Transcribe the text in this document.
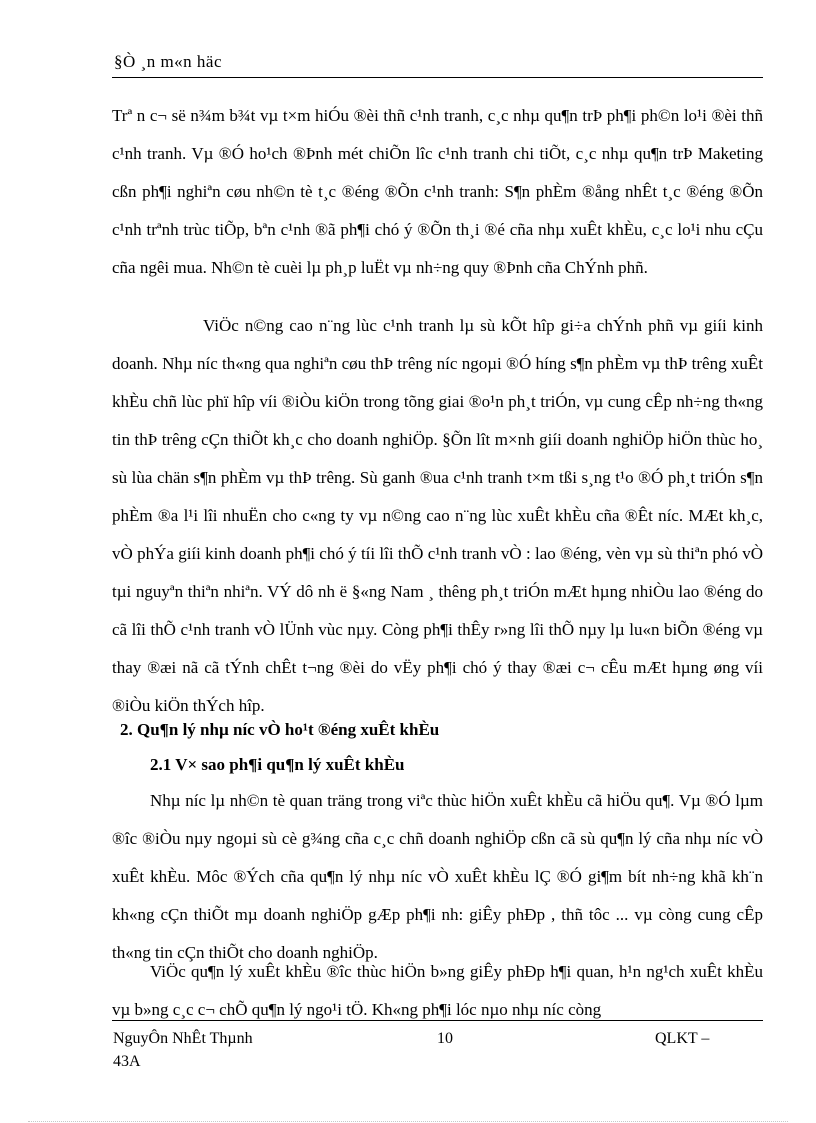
§Ò ¸n m«n häc

Trª n c¬ së n¾m b¾t vµ t×m hiÓu ®èi thñ c¹nh tranh, c¸c nhµ qu¶n trÞ ph¶i ph©n lo¹i ®èi thñ c¹nh tranh. Vµ ®Ó ho¹ch ®Þnh mét chiÕn lîc c¹nh tranh chi tiÕt, c¸c nhµ qu¶n trÞ Maketing cßn ph¶i nghiªn cøu nh©n tè t¸c ®éng ®Õn c¹nh tranh: S¶n phÈm ®ång nhÊt t¸c ®éng ®Õn c¹nh trªnh trùc tiÕp, bªn c¹nh ®ã ph¶i chó ý ®Õn th¸i ®é cña nhµ xuÊt khÈu, c¸c lo¹i nhu cÇu cña ngêi mua. Nh©n tè cuèi lµ ph¸p luËt vµ nh÷ng quy ®Þnh cña ChÝnh phñ.

ViÖc n©ng cao n¨ng lùc c¹nh tranh lµ sù kÕt hîp gi÷a chÝnh phñ vµ giíi kinh doanh. Nhµ níc th«ng qua nghiªn cøu thÞ trêng níc ngoµi ®Ó híng s¶n phÈm vµ thÞ trêng xuÊt khÈu chñ lùc phï hîp víi ®iÒu kiÖn trong tõng giai ®o¹n ph¸t triÓn, vµ cung cÊp nh÷ng th«ng tin thÞ trêng cÇn thiÕt kh¸c cho doanh nghiÖp. §Õn lît m×nh giíi doanh nghiÖp hiÖn thùc ho¸ sù lùa chän s¶n phÈm vµ thÞ trêng. Sù ganh ®ua c¹nh tranh t×m tßi s¸ng t¹o ®Ó ph¸t triÓn s¶n phÈm ®a l¹i lîi nhuËn cho c«ng ty vµ n©ng cao n¨ng lùc xuÊt khÈu cña ®Êt níc. MÆt kh¸c, vÒ phÝa giíi kinh doanh ph¶i chó ý tíi lîi thÕ c¹nh tranh vÒ : lao ®éng, vèn vµ sù thiªn phó vÒ tµi nguyªn thiªn nhiªn. VÝ dô nh ë §«ng Nam ¸ thêng ph¸t triÓn mÆt hµng nhiÒu lao ®éng do cã lîi thÕ c¹nh tranh vÒ lÜnh vùc nµy. Còng ph¶i thÊy r»ng lîi thÕ nµy lµ lu«n biÕn ®éng vµ thay ®æi nã cã tÝnh chÊt t¬ng ®èi do vËy ph¶i chó ý thay ®æi c¬ cÊu mÆt hµng øng víi ®iÒu kiÖn thÝch hîp.

2. Qu¶n lý nhµ níc vÒ ho¹t ®éng xuÊt khÈu
2.1 V× sao ph¶i qu¶n lý xuÊt khÈu

Nhµ níc lµ nh©n tè quan träng trong viªc thùc hiÖn xuÊt khÈu cã hiÖu qu¶. Vµ ®Ó lµm ®îc ®iÒu nµy ngoµi sù cè g¾ng cña c¸c chñ doanh nghiÖp cßn cã sù qu¶n lý cña nhµ níc vÒ xuÊt khÈu. Môc ®Ých cña qu¶n lý nhµ níc vÒ xuÊt khÈu lÇ ®Ó gi¶m bít nh÷ng khã kh¨n kh«ng cÇn thiÕt mµ doanh nghiÖp gÆp ph¶i nh: giÊy phÐp , thñ tôc ... vµ còng cung cÊp th«ng tin cÇn thiÕt cho doanh nghiÖp.

ViÖc qu¶n lý xuÊt khÈu ®îc thùc hiÖn b»ng giÊy phÐp h¶i quan, h¹n ng¹ch xuÊt khÈu vµ b»ng c¸c c¬ chÕ qu¶n lý ngo¹i tÖ. Kh«ng ph¶i lóc nµo nhµ níc còng

NguyÔn NhÊt Thµnh
43A
10	QLKT –
